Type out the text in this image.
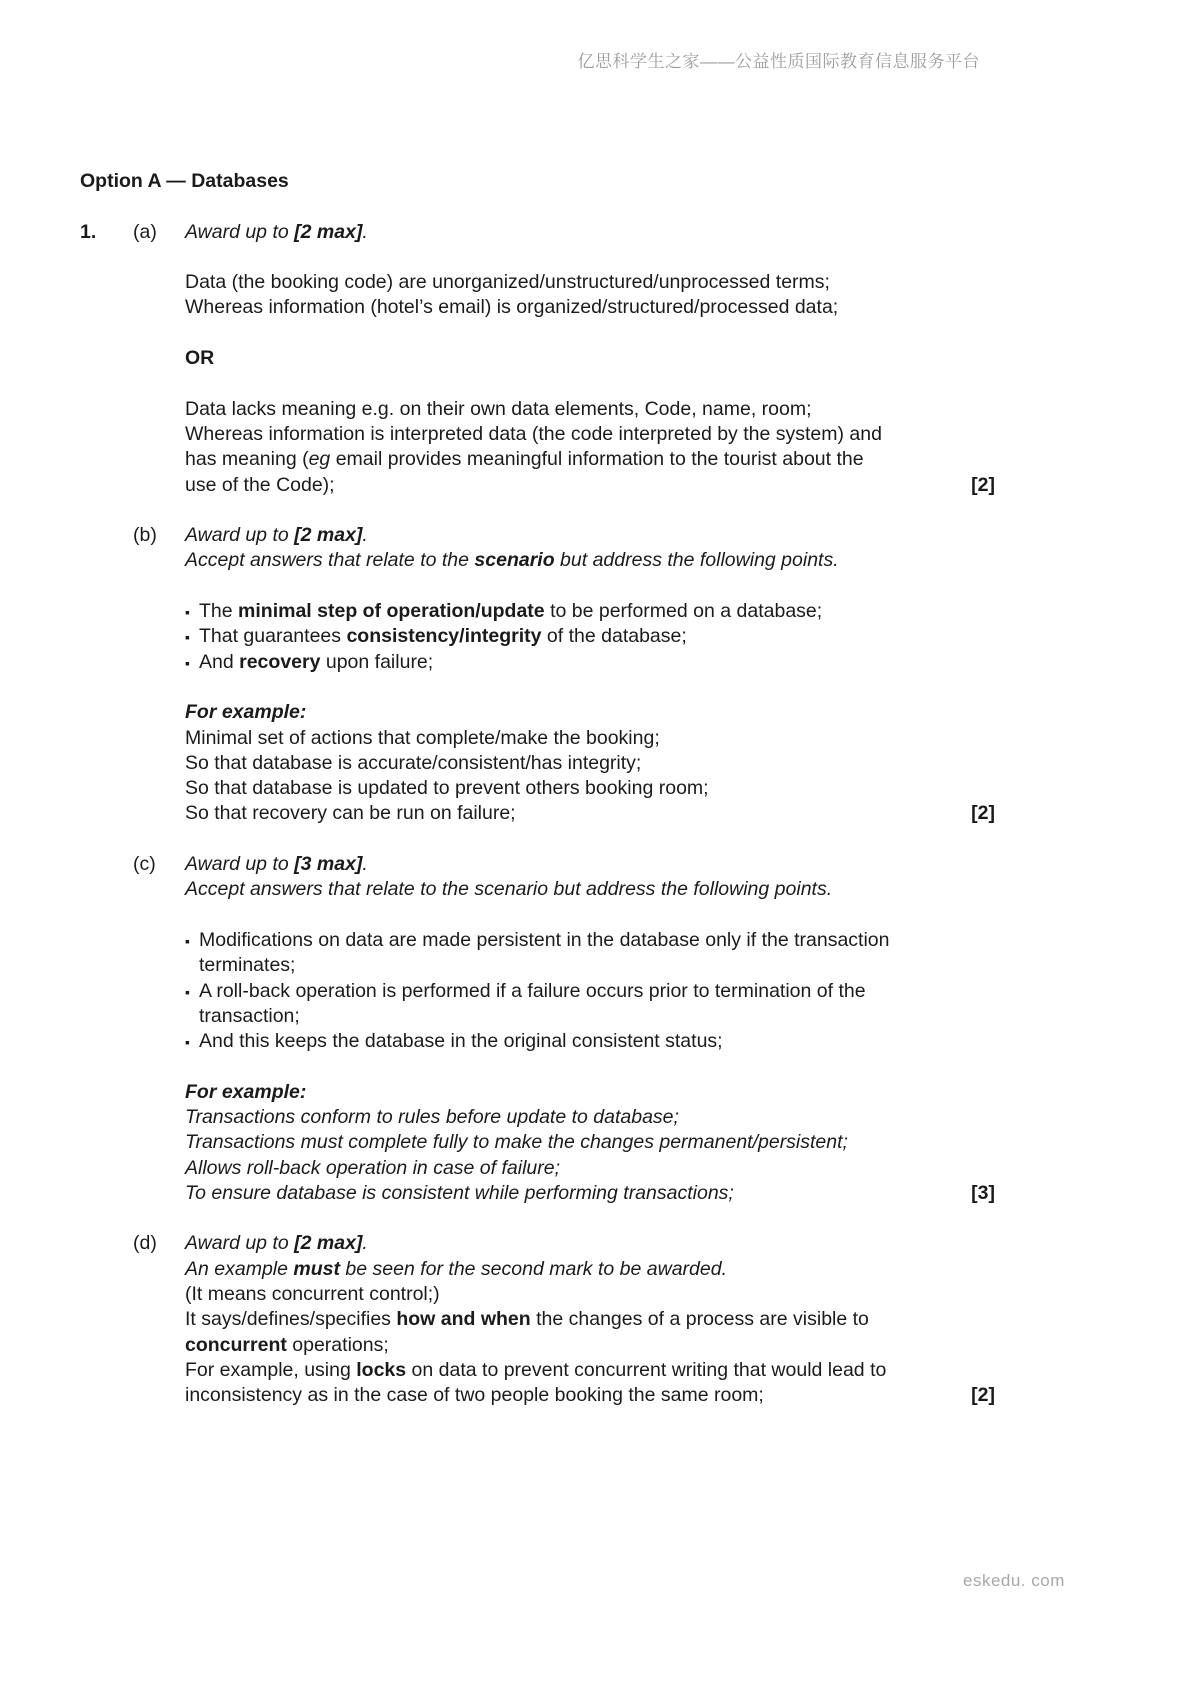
亿思科学生之家——公益性质国际教育信息服务平台
Option A — Databases
1.	(a)	Award up to [2 max].
Data (the booking code) are unorganized/unstructured/unprocessed terms;
Whereas information (hotel’s email) is organized/structured/processed data;
OR
Data lacks meaning e.g. on their own data elements, Code, name, room;
Whereas information is interpreted data (the code interpreted by the system) and
has meaning (eg email provides meaningful information to the tourist about the
use of the Code);	[2]
(b)	Award up to [2 max].
Accept answers that relate to the scenario but address the following points.
▪ The minimal step of operation/update to be performed on a database;
▪ That guarantees consistency/integrity of the database;
▪ And recovery upon failure;
For example:
Minimal set of actions that complete/make the booking;
So that database is accurate/consistent/has integrity;
So that database is updated to prevent others booking room;
So that recovery can be run on failure;	[2]
(c)	Award up to [3 max].
Accept answers that relate to the scenario but address the following points.
▪ Modifications on data are made persistent in the database only if the transaction
terminates;
▪ A roll-back operation is performed if a failure occurs prior to termination of the
transaction;
▪ And this keeps the database in the original consistent status;
For example:
Transactions conform to rules before update to database;
Transactions must complete fully to make the changes permanent/persistent;
Allows roll-back operation in case of failure;
To ensure database is consistent while performing transactions;	[3]
(d)	Award up to [2 max].
An example must be seen for the second mark to be awarded.
(It means concurrent control;)
It says/defines/specifies how and when the changes of a process are visible to
concurrent operations;
For example, using locks on data to prevent concurrent writing that would lead to
inconsistency as in the case of two people booking the same room;	[2]
eskedu. com
